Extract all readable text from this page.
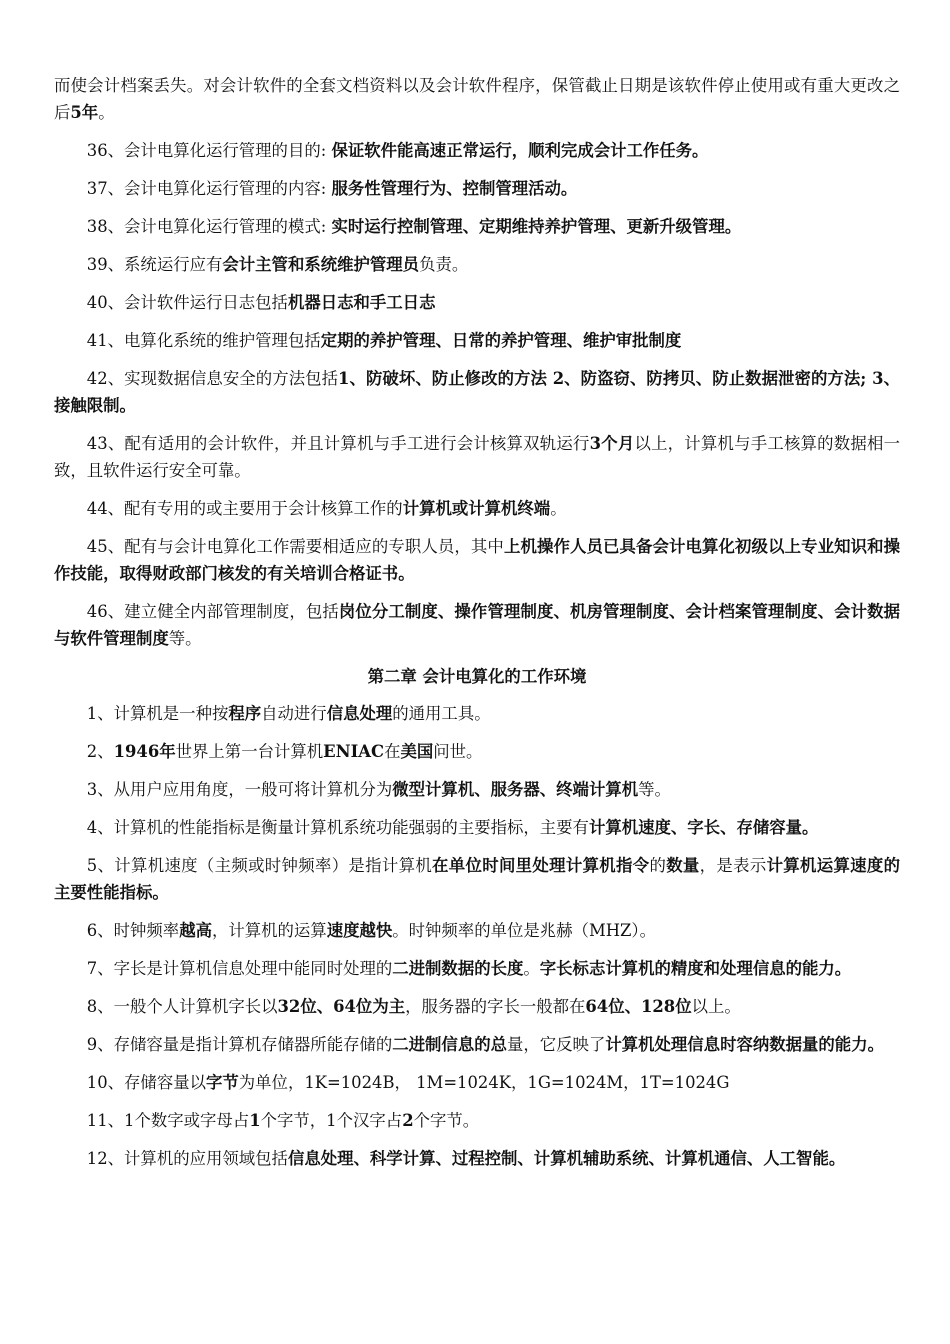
而使会计档案丢失。对会计软件的全套文档资料以及会计软件程序，保管截止日期是该软件停止使用或有重大更改之后5年。

36、会计电算化运行管理的目的: 保证软件能高速正常运行，顺利完成会计工作任务。

37、会计电算化运行管理的内容: 服务性管理行为、控制管理活动。

38、会计电算化运行管理的模式: 实时运行控制管理、定期维持养护管理、更新升级管理。

39、系统运行应有会计主管和系统维护管理员负责。

40、会计软件运行日志包括机器日志和手工日志

41、电算化系统的维护管理包括定期的养护管理、日常的养护管理、维护审批制度

42、实现数据信息安全的方法包括1、防破坏、防止修改的方法 2、防盗窃、防拷贝、防止数据泄密的方法; 3、接触限制。

43、配有适用的会计软件，并且计算机与手工进行会计核算双轨运行3个月以上，计算机与手工核算的数据相一致，且软件运行安全可靠。

44、配有专用的或主要用于会计核算工作的计算机或计算机终端。

45、配有与会计电算化工作需要相适应的专职人员，其中上机操作人员已具备会计电算化初级以上专业知识和操作技能，取得财政部门核发的有关培训合格证书。

46、建立健全内部管理制度，包括岗位分工制度、操作管理制度、机房管理制度、会计档案管理制度、会计数据与软件管理制度等。

第二章 会计电算化的工作环境

1、计算机是一种按程序自动进行信息处理的通用工具。

2、1946年世界上第一台计算机ENIAC在美国问世。

3、从用户应用角度，一般可将计算机分为微型计算机、服务器、终端计算机等。

4、计算机的性能指标是衡量计算机系统功能强弱的主要指标，主要有计算机速度、字长、存储容量。

5、计算机速度（主频或时钟频率）是指计算机在单位时间里处理计算机指令的数量，是表示计算机运算速度的主要性能指标。

6、时钟频率越高，计算机的运算速度越快。时钟频率的单位是兆赫（MHZ）。

7、字长是计算机信息处理中能同时处理的二进制数据的长度。字长标志计算机的精度和处理信息的能力。

8、一般个人计算机字长以32位、64位为主，服务器的字长一般都在64位、128位以上。

9、存储容量是指计算机存储器所能存储的二进制信息的总量，它反映了计算机处理信息时容纳数据量的能力。

10、存储容量以字节为单位，1K=1024B， 1M=1024K，1G=1024M，1T=1024G

11、1个数字或字母占1个字节，1个汉字占2个字节。

12、计算机的应用领域包括信息处理、科学计算、过程控制、计算机辅助系统、计算机通信、人工智能。
